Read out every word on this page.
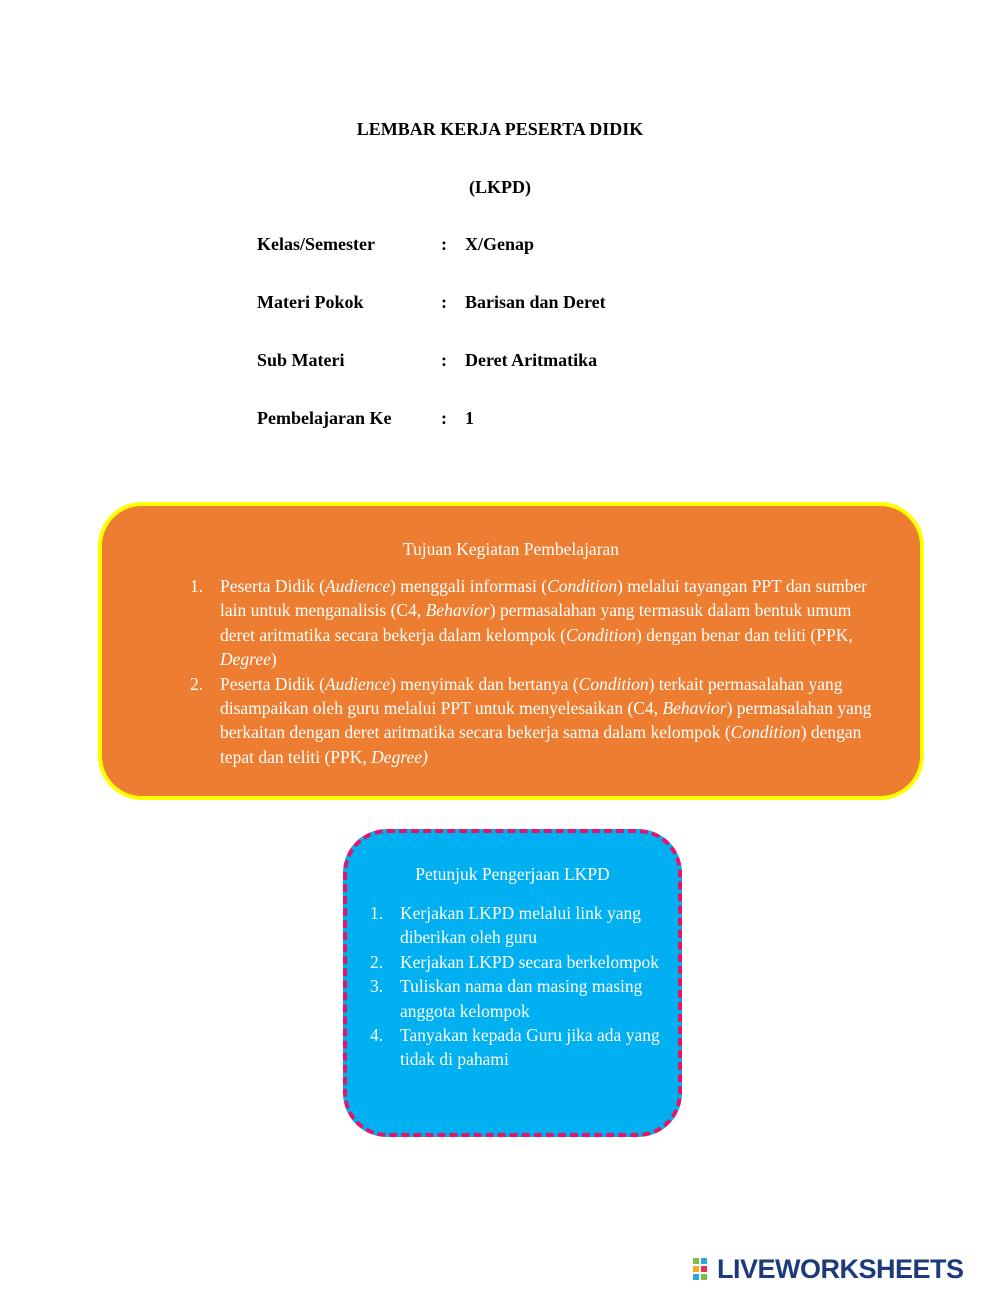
LEMBAR KERJA PESERTA DIDIK
(LKPD)
Kelas/Semester	: X/Genap
Materi Pokok	: Barisan dan Deret
Sub Materi	: Deret Aritmatika
Pembelajaran Ke	: 1
Tujuan Kegiatan Pembelajaran
1. Peserta Didik (Audience) menggali informasi (Condition) melalui tayangan PPT dan sumber lain untuk menganalisis (C4, Behavior) permasalahan yang termasuk dalam bentuk umum deret aritmatika secara bekerja dalam kelompok (Condition) dengan benar dan teliti (PPK, Degree)
2. Peserta Didik (Audience) menyimak dan bertanya (Condition) terkait permasalahan yang disampaikan oleh guru melalui PPT untuk menyelesaikan (C4, Behavior) permasalahan yang berkaitan dengan deret aritmatika secara bekerja sama dalam kelompok (Condition) dengan tepat dan teliti (PPK, Degree)
Petunjuk Pengerjaan LKPD
1. Kerjakan LKPD melalui link yang diberikan oleh guru
2. Kerjakan LKPD secara berkelompok
3. Tuliskan nama dan masing masing anggota kelompok
4. Tanyakan kepada Guru jika ada yang tidak di pahami
LIVEWORKSHEETS
